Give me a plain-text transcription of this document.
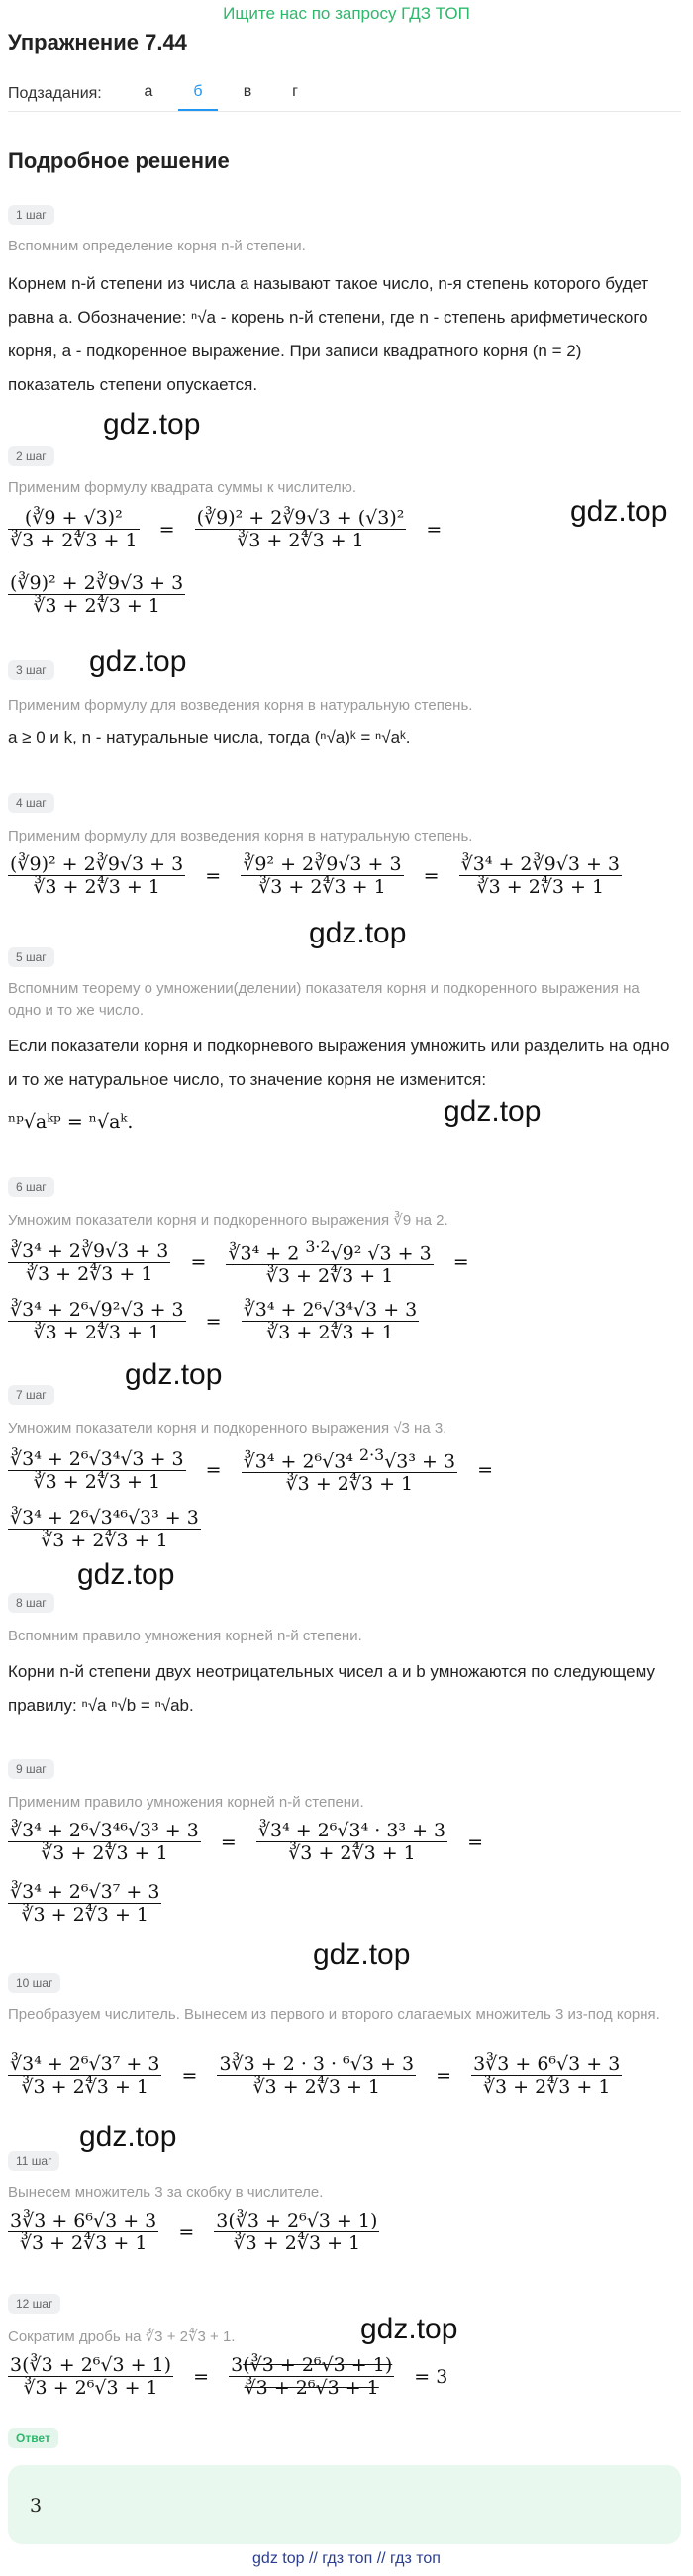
Ищите нас по запросу ГДЗ ТОП
Упражнение 7.44
Подзадания:	а	б	в	г
Подробное решение
1 шаг
Вспомним определение корня n-й степени.
Корнем n-й степени из числа a называют такое число, n-я степень которого будет равна a. Обозначение: ⁿ√a - корень n-й степени, где n - степень арифметического корня, a - подкоренное выражение. При записи квадратного корня (n = 2) показатель степени опускается.
gdz.top
2 шаг
Применим формулу квадрата суммы к числителю.
gdz.top
$\frac{\text{(∛9 + √3)²}}{∛3 + 2∜3 + 1} = \frac{\text{(∛9)² + 2∛9√3 + (√3)²}}{∛3 + 2∜3 + 1}$ =
$\frac{\text{(∛9)² + 2∛9√3 + 3}}{∛3 + 2∜3 + 1}$
gdz.top
3 шаг
Применим формулу для возведения корня в натуральную степень.
a ≥ 0 и k, n - натуральные числа, тогда (ⁿ√a)ᵏ = ⁿ√aᵏ.
4 шаг
Применим формулу для возведения корня в натуральную степень.
$\frac{\text{(∛9)² + 2∛9√3 + 3}}{∛3 + 2∜3 + 1} = \frac{\text{∛9² + 2∛9√3 + 3}}{∛3 + 2∜3 + 1} = \frac{\text{∛3⁴ + 2∛9√3 + 3}}{∛3 + 2∜3 + 1}$
gdz.top
5 шаг
Вспомним теорему о умножении(делении) показателя корня и подкоренного выражения на одно и то же число.
Если показатели корня и подкорневого выражения умножить или разделить на одно и то же натуральное число, то значение корня не изменится:
gdz.top
ⁿᵖ√aᵏᵖ = ⁿ√aᵏ.
6 шаг
Умножим показатели корня и подкоренного выражения ∛9 на 2.
$\frac{\text{∛3⁴ + 2∛9√3 + 3}}{∛3 + 2∜3 + 1} = \frac{∛3^4 + 2 ^{3\cdot 2}√9^2 √3 + 3}{∛3 + 2∜3 + 1}$ =
$\frac{\text{∛3⁴ + 2⁶√9²√3 + 3}}{∛3 + 2∜3 + 1} = \frac{\text{∛3⁴ + 2⁶√3⁴√3 + 3}}{∛3 + 2∜3 + 1}$
gdz.top
7 шаг
Умножим показатели корня и подкоренного выражения √3 на 3.
$\frac{\text{∛3⁴ + 2⁶√3⁴√3 + 3}}{∛3 + 2∜3 + 1} = \frac{∛3^4 + 2^6√3^4 ^{2\cdot 3}√3^3 + 3}{∛3 + 2∜3 + 1}$ =
$\frac{\text{∛3⁴ + 2⁶√3⁴⁶√3³ + 3}}{∛3 + 2∜3 + 1}$
gdz.top
8 шаг
Вспомним правило умножения корней n-й степени.
Корни n-й степени двух неотрицательных чисел a и b умножаются по следующему правилу: ⁿ√a ⁿ√b = ⁿ√ab.
9 шаг
Применим правило умножения корней n-й степени.
$\frac{\text{∛3⁴ + 2⁶√3⁴⁶√3³ + 3}}{∛3 + 2∜3 + 1} = \frac{\text{∛3⁴ + 2⁶√3⁴ · 3³ + 3}}{∛3 + 2∜3 + 1}$ =
$\frac{\text{∛3⁴ + 2⁶√3⁷ + 3}}{∛3 + 2∜3 + 1}$
gdz.top
10 шаг
Преобразуем числитель. Вынесем из первого и второго слагаемых множитель 3 из-под корня.
$\frac{\text{∛3⁴ + 2⁶√3⁷ + 3}}{∛3 + 2∜3 + 1} = \frac{\text{3∛3 + 2 · 3 · ⁶√3 + 3}}{∛3 + 2∜3 + 1} = \frac{\text{3∛3 + 6⁶√3 + 3}}{∛3 + 2∜3 + 1}$
gdz.top
11 шаг
Вынесем множитель 3 за скобку в числителе.
$\frac{\text{3∛3 + 6⁶√3 + 3}}{∛3 + 2∜3 + 1} = \frac{\text{3(∛3 + 2⁶√3 + 1)}}{∛3 + 2∜3 + 1}$
12 шаг
gdz.top
Сократим дробь на ∛3 + 2∜3 + 1.
$\frac{\text{3(∛3 + 2⁶√3 + 1)}}{\text{∛3 + 2⁶√3 + 1}} = \frac{\text{3(∛3 + 2⁶√3 + 1)}}{\text{∛3 + 2⁶√3 + 1}} = 3$
Ответ
3
gdz top // гдз топ // гдз топ
